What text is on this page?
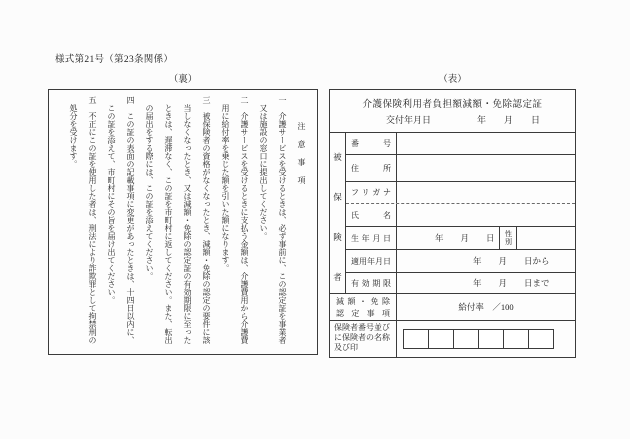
様式第21号（第23条関係）
（裏）	（表）

注　意　事　項

一　介護サービスを受けるときは、必ず事前に、この認定証を事業者又は施設の窓口に提出してください。

二　介護サービスを受けるときに支払う金額は、介護費用から介護費用に給付率を乗じた額を引いた額になります。

三　被保険者の資格がなくなったとき、減額・免除の認定の要件に該当しなくなったとき、又は減額・免除の認定証の有効期限に至ったときは、遅滞なく、この証を市町村に返してください。また、転出の届出をする際には、この証を添えてください。

四　この証の表面の記載事項に変更があったときは、十四日以内に、この証を添えて、市町村にその旨を届け出てください。

五　不正にこの証を使用した者は、刑法により詐欺罪として拘禁刑の処分を受けます。	介護保険利用者負担額減額・免除認定証
交付年月日	年　　月　　日
被
保
険
者
番号
住所
フリガナ
氏名
生年月日	年　　月　　日	性別
適用年月日	年　　月　　日から
有効期限	年　　月　　日まで
減額・免除
認定事項
給付率　／100
保険者番号並び
に保険者の名称
及び印
